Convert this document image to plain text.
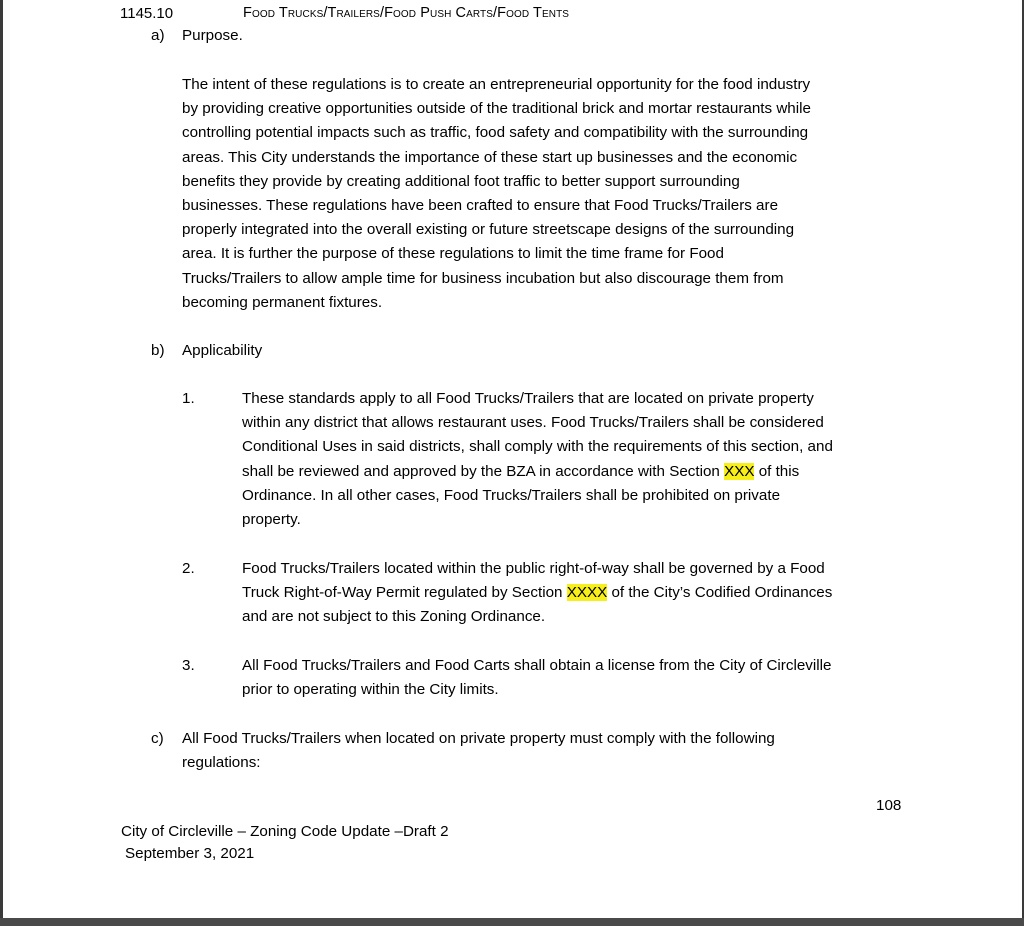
1145.10	Food Trucks/Trailers/Food Push Carts/Food Tents
a) Purpose.
The intent of these regulations is to create an entrepreneurial opportunity for the food industry
by providing creative opportunities outside of the traditional brick and mortar restaurants while
controlling potential impacts such as traffic, food safety and compatibility with the surrounding
areas. This City understands the importance of these start up businesses and the economic
benefits they provide by creating additional foot traffic to better support surrounding
businesses. These regulations have been crafted to ensure that Food Trucks/Trailers are
properly integrated into the overall existing or future streetscape designs of the surrounding
area. It is further the purpose of these regulations to limit the time frame for Food
Trucks/Trailers to allow ample time for business incubation but also discourage them from
becoming permanent fixtures.
b) Applicability
1.	These standards apply to all Food Trucks/Trailers that are located on private property
within any district that allows restaurant uses. Food Trucks/Trailers shall be considered
Conditional Uses in said districts, shall comply with the requirements of this section, and
shall be reviewed and approved by the BZA in accordance with Section XXX of this
Ordinance. In all other cases, Food Trucks/Trailers shall be prohibited on private
property.
2.	Food Trucks/Trailers located within the public right-of-way shall be governed by a Food
Truck Right-of-Way Permit regulated by Section XXXX of the City’s Codified Ordinances
and are not subject to this Zoning Ordinance.
3.	All Food Trucks/Trailers and Food Carts shall obtain a license from the City of Circleville
prior to operating within the City limits.
c) All Food Trucks/Trailers when located on private property must comply with the following
regulations:
108
City of Circleville – Zoning Code Update –Draft 2
September 3, 2021
